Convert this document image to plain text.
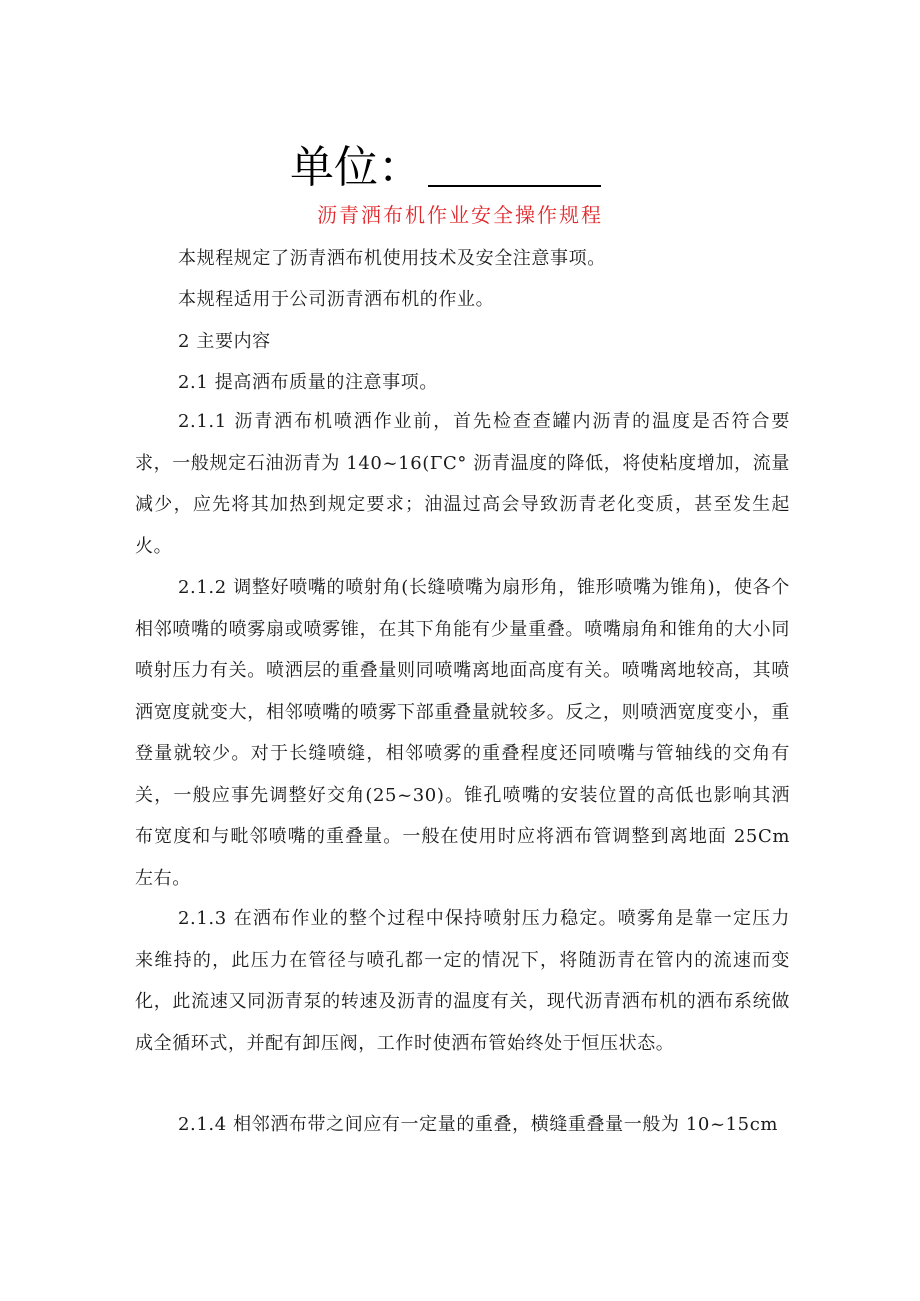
单位：
沥青洒布机作业安全操作规程
本规程规定了沥青洒布机使用技术及安全注意事项。
本规程适用于公司沥青洒布机的作业。
2 主要内容
2.1 提高洒布质量的注意事项。
2.1.1 沥青洒布机喷洒作业前，首先检查查罐内沥青的温度是否符合要求，一般规定石油沥青为 140~16(ΓC° 沥青温度的降低，将使粘度增加，流量减少，应先将其加热到规定要求；油温过高会导致沥青老化变质，甚至发生起火。
2.1.2 调整好喷嘴的喷射角(长缝喷嘴为扇形角，锥形喷嘴为锥角)，使各个相邻喷嘴的喷雾扇或喷雾锥，在其下角能有少量重叠。喷嘴扇角和锥角的大小同喷射压力有关。喷洒层的重叠量则同喷嘴离地面高度有关。喷嘴离地较高，其喷洒宽度就变大，相邻喷嘴的喷雾下部重叠量就较多。反之，则喷洒宽度变小，重登量就较少。对于长缝喷缝，相邻喷雾的重叠程度还同喷嘴与管轴线的交角有关，一般应事先调整好交角(25~30)。锥孔喷嘴的安装位置的高低也影响其洒布宽度和与毗邻喷嘴的重叠量。一般在使用时应将洒布管调整到离地面 25Cm 左右。
2.1.3 在洒布作业的整个过程中保持喷射压力稳定。喷雾角是靠一定压力来维持的，此压力在管径与喷孔都一定的情况下，将随沥青在管内的流速而变化，此流速又同沥青泵的转速及沥青的温度有关，现代沥青洒布机的洒布系统做成全循环式，并配有卸压阀，工作时使洒布管始终处于恒压状态。
2.1.4 相邻洒布带之间应有一定量的重叠，横缝重叠量一般为 10~15cm
